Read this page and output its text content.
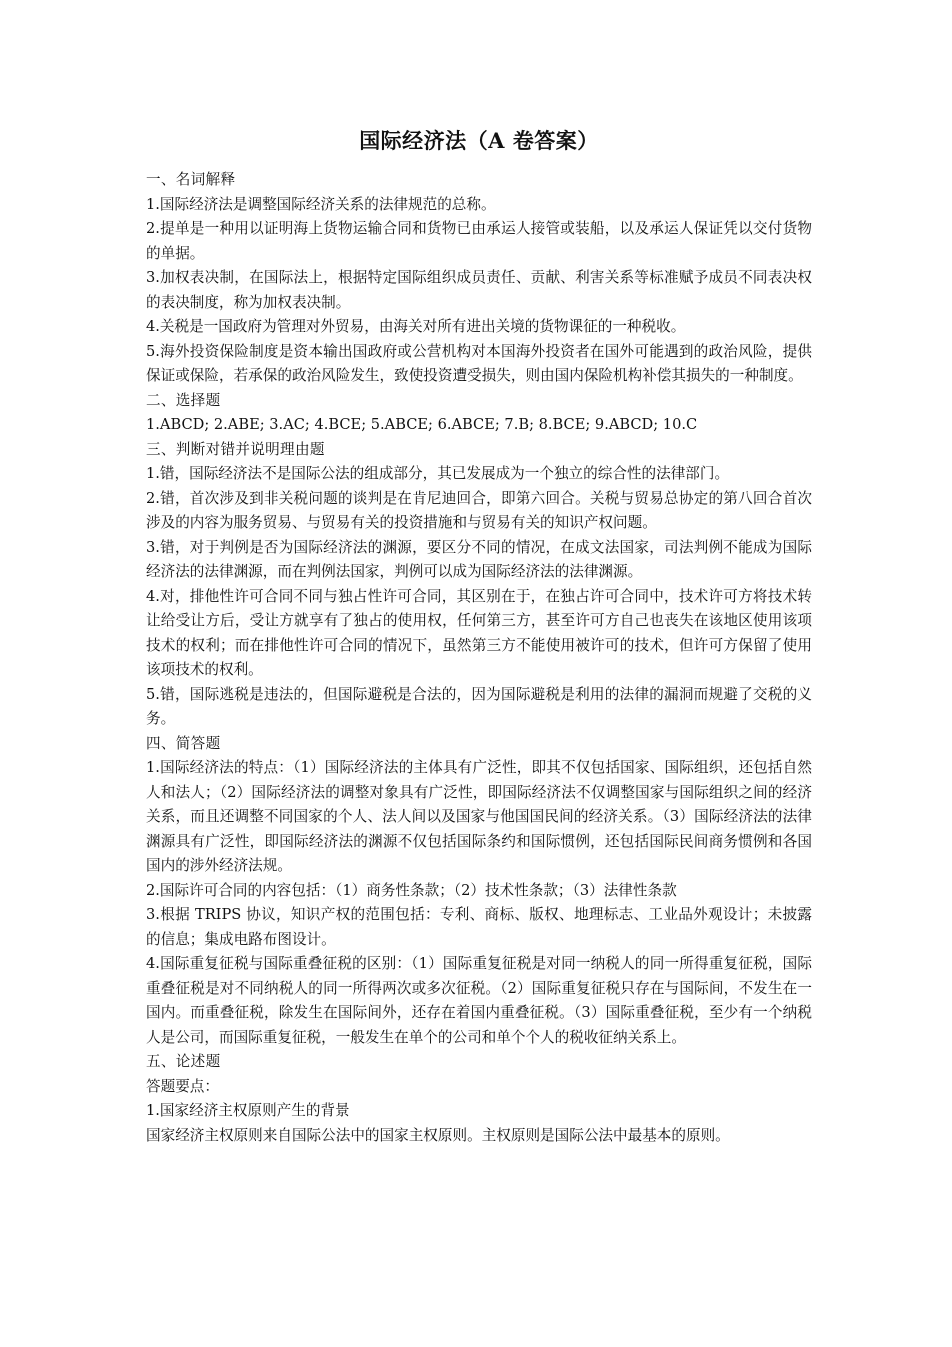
国际经济法（A 卷答案）

一、名词解释

1.国际经济法是调整国际经济关系的法律规范的总称。

2.提单是一种用以证明海上货物运输合同和货物已由承运人接管或装船，以及承运人保证凭以交付货物的单据。

3.加权表决制，在国际法上，根据特定国际组织成员责任、贡献、利害关系等标准赋予成员不同表决权的表决制度，称为加权表决制。

4.关税是一国政府为管理对外贸易，由海关对所有进出关境的货物课征的一种税收。

5.海外投资保险制度是资本输出国政府或公营机构对本国海外投资者在国外可能遇到的政治风险，提供保证或保险，若承保的政治风险发生，致使投资遭受损失，则由国内保险机构补偿其损失的一种制度。

二、选择题

1.ABCD; 2.ABE; 3.AC; 4.BCE; 5.ABCE; 6.ABCE; 7.B; 8.BCE; 9.ABCD; 10.C

三、判断对错并说明理由题

1.错，国际经济法不是国际公法的组成部分，其已发展成为一个独立的综合性的法律部门。

2.错，首次涉及到非关税问题的谈判是在肯尼迪回合，即第六回合。关税与贸易总协定的第八回合首次涉及的内容为服务贸易、与贸易有关的投资措施和与贸易有关的知识产权问题。

3.错，对于判例是否为国际经济法的渊源，要区分不同的情况，在成文法国家，司法判例不能成为国际经济法的法律渊源，而在判例法国家，判例可以成为国际经济法的法律渊源。

4.对，排他性许可合同不同与独占性许可合同，其区别在于，在独占许可合同中，技术许可方将技术转让给受让方后，受让方就享有了独占的使用权，任何第三方，甚至许可方自己也丧失在该地区使用该项技术的权利；而在排他性许可合同的情况下，虽然第三方不能使用被许可的技术，但许可方保留了使用该项技术的权利。

5.错，国际逃税是违法的，但国际避税是合法的，因为国际避税是利用的法律的漏洞而规避了交税的义务。

四、简答题

1.国际经济法的特点：（1）国际经济法的主体具有广泛性，即其不仅包括国家、国际组织，还包括自然人和法人；（2）国际经济法的调整对象具有广泛性，即国际经济法不仅调整国家与国际组织之间的经济关系，而且还调整不同国家的个人、法人间以及国家与他国国民间的经济关系。（3）国际经济法的法律渊源具有广泛性，即国际经济法的渊源不仅包括国际条约和国际惯例，还包括国际民间商务惯例和各国国内的涉外经济法规。

2.国际许可合同的内容包括：（1）商务性条款；（2）技术性条款；（3）法律性条款

3.根据 TRIPS 协议，知识产权的范围包括：专利、商标、版权、地理标志、工业品外观设计；未披露的信息；集成电路布图设计。

4.国际重复征税与国际重叠征税的区别：（1）国际重复征税是对同一纳税人的同一所得重复征税，国际重叠征税是对不同纳税人的同一所得两次或多次征税。（2）国际重复征税只存在与国际间，不发生在一国内。而重叠征税，除发生在国际间外，还存在着国内重叠征税。（3）国际重叠征税，至少有一个纳税人是公司，而国际重复征税，一般发生在单个的公司和单个个人的税收征纳关系上。

五、论述题

答题要点：

1.国家经济主权原则产生的背景

国家经济主权原则来自国际公法中的国家主权原则。主权原则是国际公法中最基本的原则。
